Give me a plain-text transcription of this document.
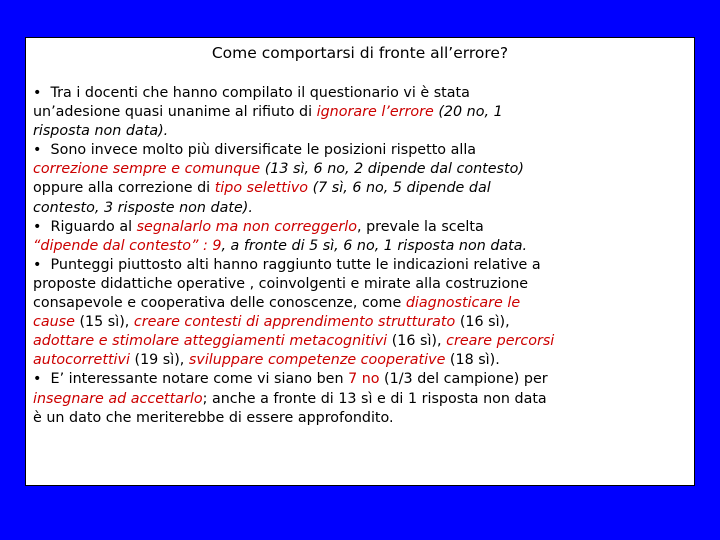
Come comportarsi di fronte all’errore?

• Tra i docenti che hanno compilato il questionario vi è stata
un’adesione quasi unanime al rifiuto di ignorare l’errore (20 no, 1
risposta non data).

• Sono invece molto più diversificate le posizioni rispetto alla
correzione sempre e comunque (13 sì, 6 no, 2 dipende dal contesto)
oppure alla correzione di tipo selettivo (7 sì, 6 no, 5 dipende dal
contesto, 3 risposte non date).

• Riguardo al segnalarlo ma non correggerlo, prevale la scelta
“dipende dal contesto” : 9, a fronte di 5 sì, 6 no, 1 risposta non data.

• Punteggi piuttosto alti hanno raggiunto tutte le indicazioni relative a
proposte didattiche operative , coinvolgenti e mirate alla costruzione
consapevole e cooperativa delle conoscenze, come diagnosticare le
cause (15 sì), creare contesti di apprendimento strutturato (16 sì),
adottare e stimolare atteggiamenti metacognitivi (16 sì), creare percorsi
autocorrettivi (19 sì), sviluppare competenze cooperative (18 sì).

• E’ interessante notare come vi siano ben 7 no (1/3 del campione) per
insegnare ad accettarlo; anche a fronte di 13 sì e di 1 risposta non data
è un dato che meriterebbe di essere approfondito.
